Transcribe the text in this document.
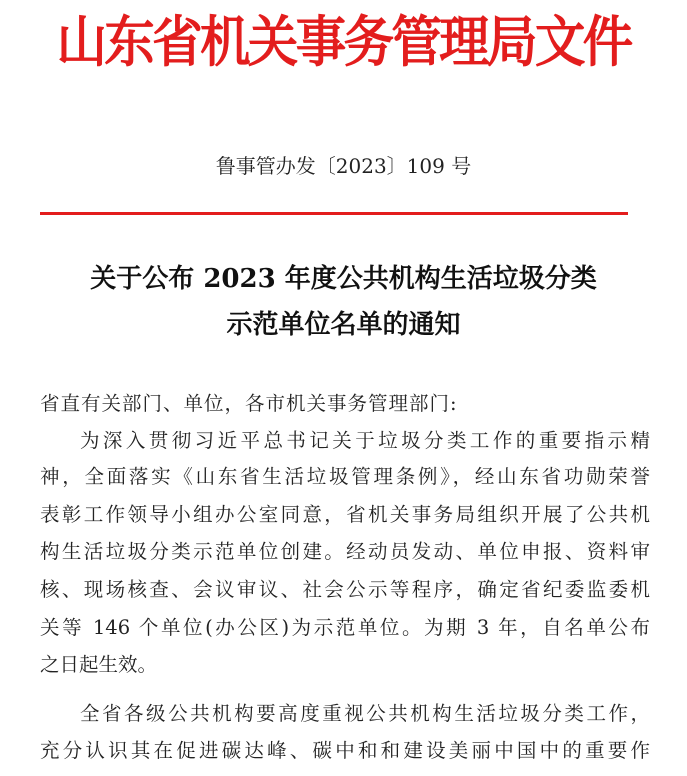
山东省机关事务管理局文件
鲁事管办发〔2023〕109 号
关于公布 2023 年度公共机构生活垃圾分类
示范单位名单的通知
省直有关部门、单位，各市机关事务管理部门:
为深入贯彻习近平总书记关于垃圾分类工作的重要指示精
神，全面落实《山东省生活垃圾管理条例》，经山东省功勋荣誉
表彰工作领导小组办公室同意，省机关事务局组织开展了公共机
构生活垃圾分类示范单位创建。经动员发动、单位申报、资料审
核、现场核查、会议审议、社会公示等程序，确定省纪委监委机
关等 146 个单位(办公区)为示范单位。为期 3 年，自名单公布
之日起生效。
全省各级公共机构要高度重视公共机构生活垃圾分类工作，
充分认识其在促进碳达峰、碳中和和建设美丽中国中的重要作
